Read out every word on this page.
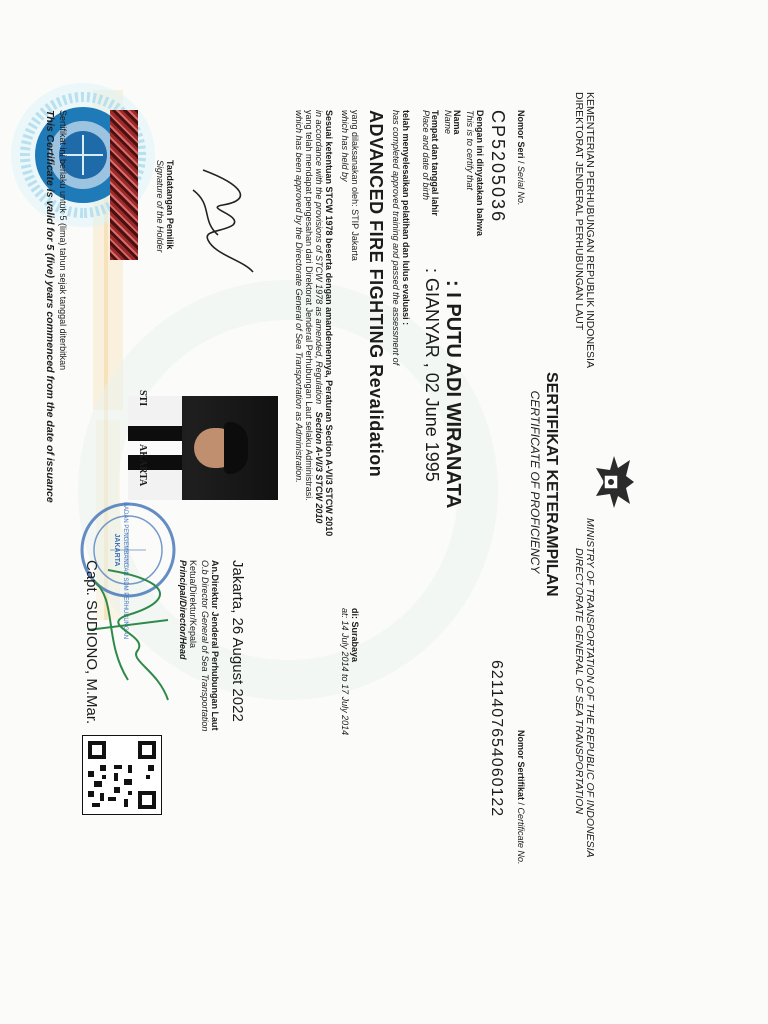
KEMENTERIAN PERHUBUNGAN REPUBLIK INDONESIA
DIREKTORAT JENDERAL PERHUBUNGAN LAUT
MINISTRY OF TRANSPORTATION OF THE REPUBLIC OF INDONESIA
DIRECTORATE GENERAL OF SEA TRANSPORTATION
SERTIFIKAT KETERAMPILAN
CERTIFICATE OF PROFICIENCY
Nomor Seri / Serial No.
CP5205036
Nomor Sertifikat / Certificate No.
6211407654060122
Dengan ini dinyatakan bahwa
This is to certify that
Nama
Name
: I PUTU ADI WIRANATA
Tempat dan tanggal lahir
Place and date of birth
: GIANYAR , 02 June 1995
telah menyelesaikan pelatihan dan lulus evaluasi :
has completed approved training and passed the assessment of
ADVANCED FIRE FIGHTING Revalidation
yang dilaksanakan oleh: STIP Jakarta
which has held by
di: Surabaya
at: 14 July 2014 to 17 July 2014
Sesuai ketentuan STCW 1978 beserta dengan amandemennya, Peraturan Section A-VI/3 STCW 2010
in accordance with the provisions of STCW 1978 as amended, Regulation   Section A-VI/3 STCW 2010
yang telah mendapat pengesahan dari Direktorat Jenderal Perhubungan Laut selaku Administrasi.
which has been approved by the Directorate General of Sea Transportation as Administration.
Tandatangan Pemilik
Signature of the Holder
Sertifikat ini berlaku untuk 5 (lima) tahun sejak tanggal diterbitkan
This Certificate is valid for 5 (five) years commenced from the date of issuance	STI
AKARTA
BADAN PENGEMBANGAN SDM PERHUBUNGAN
JAKARTA
Jakarta, 26 August 2022
An.Direktur Jenderal Perhubungan Laut
O.b Director General of Sea Transportation
Ketua/Direktur/Kepala
Principal/Director/Head
Capt. SUDIONO, M.Mar.
